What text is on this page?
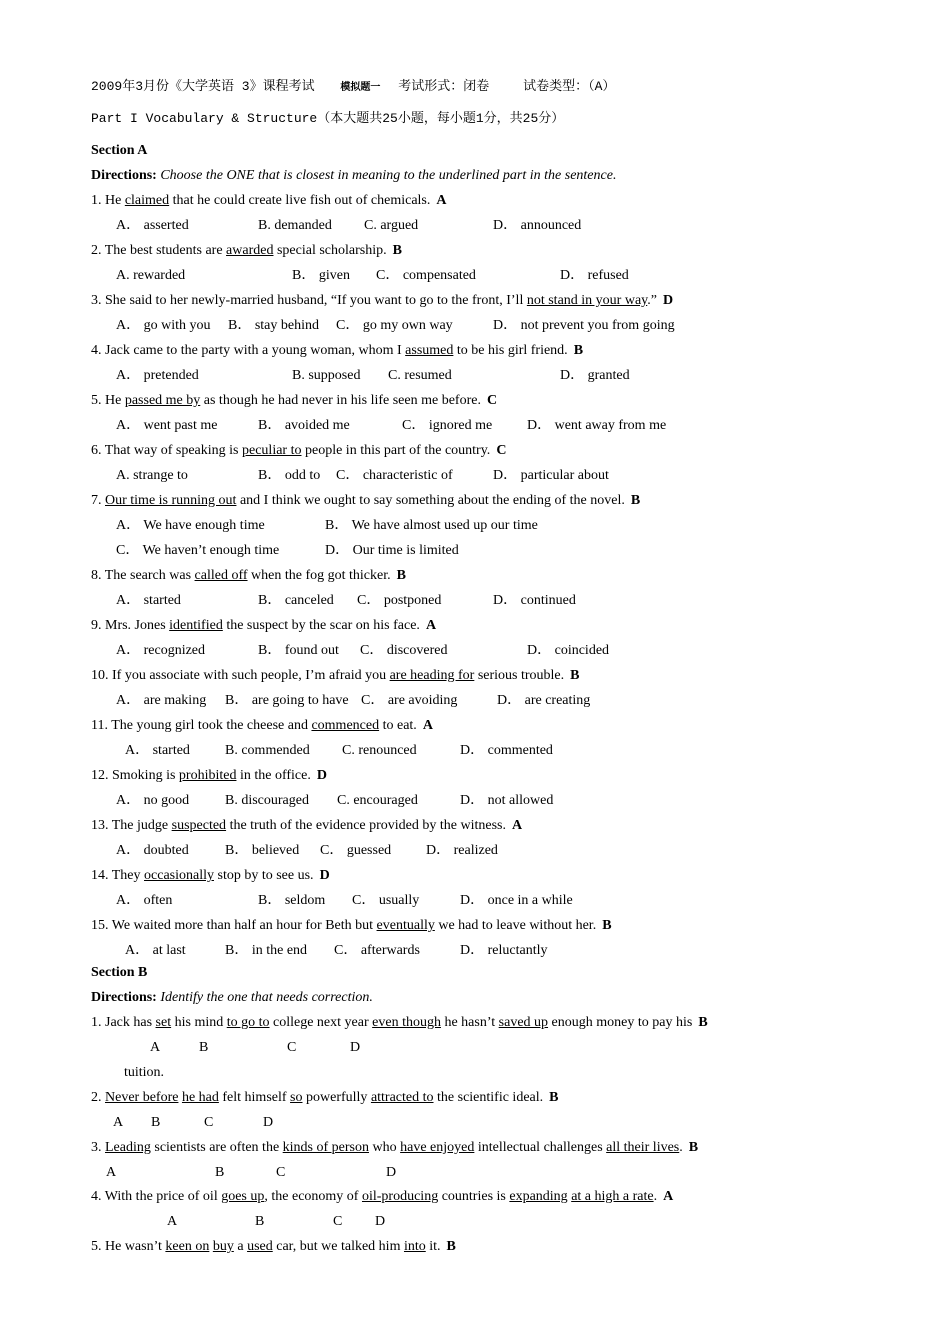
2009年3月份《大学英语 3》课程考试	模拟题一 考试形式：闭卷	试卷类型：（A）
Part I Vocabulary & Structure（本大题共25小题，每小题1分，共25分）
Section A
Directions: Choose the ONE that is closest in meaning to the underlined part in the sentence.
1. He claimed that he could create live fish out of chemicals. A
A． asserted	B. demanded C. argued	D． announced
2. The best students are awarded special scholarship. B
A. rewarded	B． given C． compensated	D． refused
3. She said to her newly-married husband, “If you want to go to the front, I’ll not stand in your way.” D
A． go with you B． stay behind C． go my own way	D． not prevent you from going
4. Jack came to the party with a young woman, whom I assumed to be his girl friend. B
A． pretended	B. supposed C. resumed	D． granted
5. He passed me by as though he had never in his life seen me before. C
A． went past me	B． avoided me	C． ignored me D． went away from me
6. That way of speaking is peculiar to people in this part of the country. C
A. strange to	B． odd to C． characteristic of	D． particular about
7. Our time is running out and I think we ought to say something about the ending of the novel. B
A． We have enough time	B． We have almost used up our time
C． We haven’t enough time	D． Our time is limited
8. The search was called off when the fog got thicker. B
A． started	B． canceled C． postponed	D． continued
9. Mrs. Jones identified the suspect by the scar on his face. A
A． recognized	B． found out C． discovered	D． coincided
10. If you associate with such people, I’m afraid you are heading for serious trouble. B
A． are making B． are going to have C． are avoiding	D． are creating
11. The young girl took the cheese and commenced to eat. A
A． started	B. commended C. renounced	D． commented
12. Smoking is prohibited in the office. D
A． no good	B. discouraged C. encouraged	D． not allowed
13. The judge suspected the truth of the evidence provided by the witness. A
A． doubted	B． believed C． guessed D． realized
14. They occasionally stop by to see us. D
A． often	B． seldom C． usually	D． once in a while
15. We waited more than half an hour for Beth but eventually we had to leave without her. B
A． at last	B． in the end C． afterwards	D． reluctantly
Section B
Directions: Identify the one that needs correction.
1. Jack has set his mind to go to college next year even though he hasn’t saved up enough money to pay his B
A	B	C	D
tuition.
2. Never before he had felt himself so powerfully attracted to the scientific ideal. B
A B	C	D
3. Leading scientists are often the kinds of person who have enjoyed intellectual challenges all their lives. B
A	B	C	D
4. With the price of oil goes up, the economy of oil-producing countries is expanding at a high a rate. A
A	B	C D
5. He wasn’t keen on buy a used car, but we talked him into it. B
